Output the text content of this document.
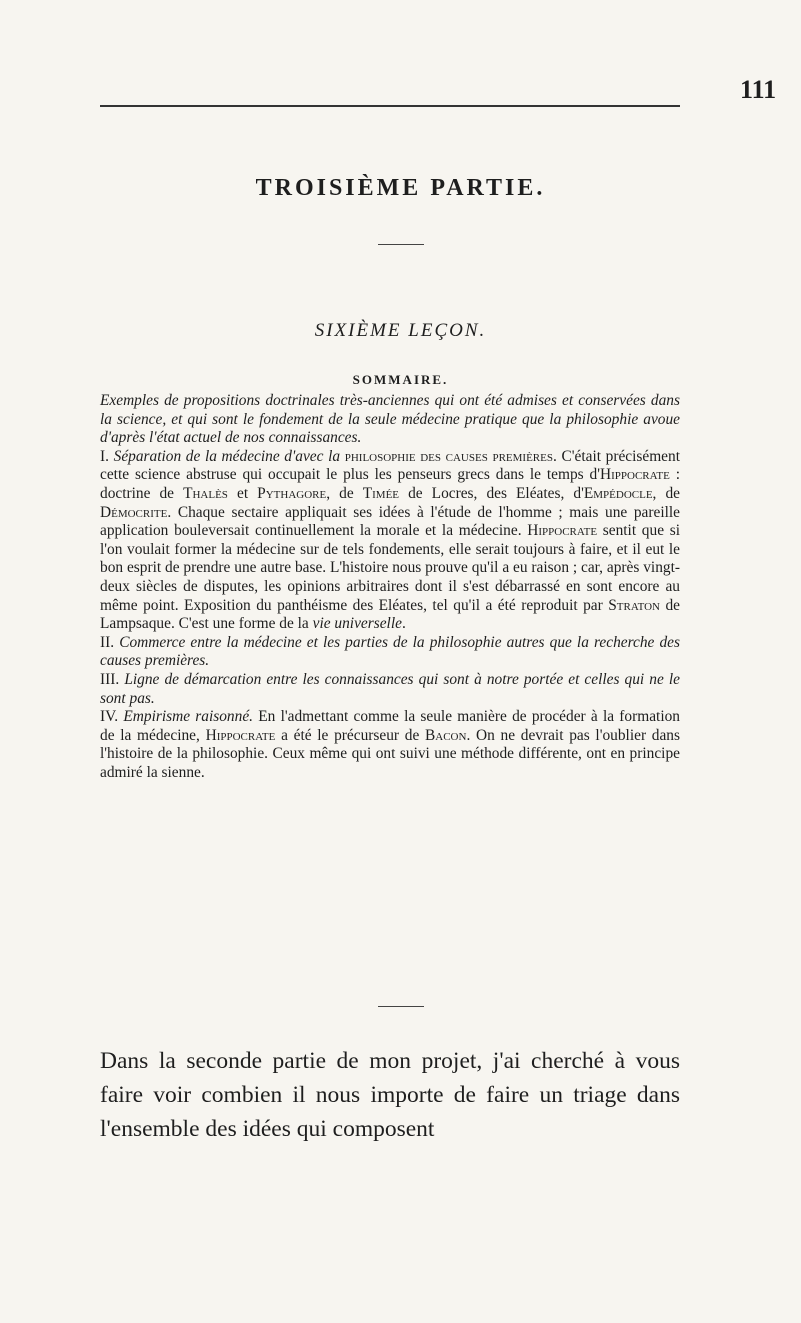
111
TROISIÈME PARTIE.
SIXIÈME LEÇON.
SOMMAIRE.

Exemples de propositions doctrinales très-anciennes qui ont été admises et conservées dans la science, et qui sont le fondement de la seule médecine pratique que la philosophie avoue d'après l'état actuel de nos connaissances.

I. Séparation de la médecine d'avec la philosophie des causes premières. C'était précisément cette science abstruse qui occupait le plus les penseurs grecs dans le temps d'Hippocrate : doctrine de Thalès et Pythagore, de Timée de Locres, des Eléates, d'Empédocle, de Démocrite. Chaque sectaire appliquait ses idées à l'étude de l'homme ; mais une pareille application bouleversait continuellement la morale et la médecine. Hippocrate sentit que si l'on voulait former la médecine sur de tels fondements, elle serait toujours à faire, et il eut le bon esprit de prendre une autre base. L'histoire nous prouve qu'il a eu raison ; car, après vingt-deux siècles de disputes, les opinions arbitraires dont il s'est débarrassé en sont encore au même point. Exposition du panthéisme des Eléates, tel qu'il a été reproduit par Straton de Lampsaque. C'est une forme de la vie universelle.

II. Commerce entre la médecine et les parties de la philosophie autres que la recherche des causes premières.

III. Ligne de démarcation entre les connaissances qui sont à notre portée et celles qui ne le sont pas.

IV. Empirisme raisonné. En l'admettant comme la seule manière de procéder à la formation de la médecine, Hippocrate a été le précurseur de Bacon. On ne devrait pas l'oublier dans l'histoire de la philosophie. Ceux même qui ont suivi une méthode différente, ont en principe admiré la sienne.

Dans la seconde partie de mon projet, j'ai cherché à vous faire voir combien il nous importe de faire un triage dans l'ensemble des idées qui composent
